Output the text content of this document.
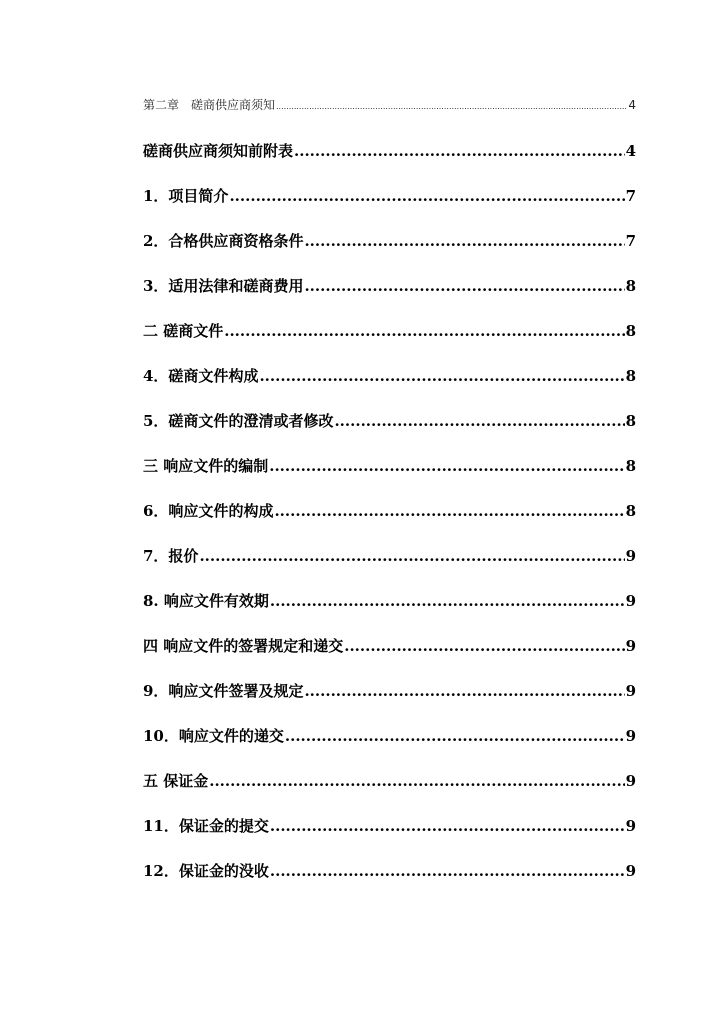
第二章　磋商供应商须知 .....	4
磋商供应商须知前附表 .....	4
1．项目简介 .....	7
2．合格供应商资格条件 .....	7
3．适用法律和磋商费用 .....	8
二 磋商文件 .....	8
4．磋商文件构成 .....	8
5．磋商文件的澄清或者修改 .....	8
三 响应文件的编制 .....	8
6．响应文件的构成 .....	8
7．报价 .....	9
8. 响应文件有效期 .....	9
四 响应文件的签署规定和递交 .....	9
9．响应文件签署及规定 .....	9
10．响应文件的递交 .....	9
五 保证金 .....	9
11．保证金的提交 .....	9
12．保证金的没收 .....	9
